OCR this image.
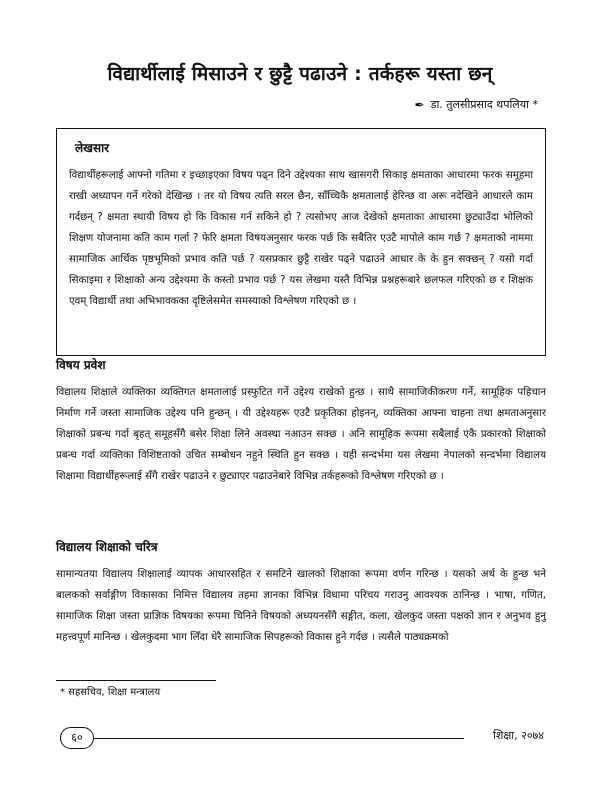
विद्यार्थीलाई मिसाउने र छुट्टै पढाउने : तर्कहरू यस्ता छन्
✒ डा. तुलसीप्रसाद थपलिया *
लेखसार
विद्यार्थीहरूलाई आफ्नो गतिमा र इच्छाइएका विषय पढ्न दिने उद्देश्यका साथ खासगरी सिकाइ क्षमताका आधारमा फरक समूहमा राखी अध्यापन गर्ने गरेको देखिन्छ । तर यो विषय त्यति सरल छैन, साँच्चिकै क्षमतालाई हेरिन्छ वा अरू नदेखिने आधारले काम गर्दछन् ? क्षमता स्थायी विषय हो कि विकास गर्न सकिने हो ? त्यसोभए आज देखेको क्षमताका आधारमा छुट्याउँदा भोलिको शिक्षण योजनामा कति काम गर्ला ? फेरि क्षमता विषयअनुसार फरक पर्छ कि सबैतिर एउटै मापोले काम गर्छ ? क्षमताको नाममा सामाजिक आर्थिक पृष्ठभूमिको प्रभाव कति पर्छ ? यसप्रकार छुट्टै राखेर पढ्ने पढाउने आधार के के हुन सक्छन् ? यसो गर्दा सिकाइमा र शिक्षाको अन्य उद्देश्यमा के कस्तो प्रभाव पर्छ ? यस लेखमा यस्तै विभिन्न प्रश्नहरूबारे छलफल गरिएको छ र शिक्षक एवम् विद्यार्थी तथा अभिभावकका दृष्टिलेसमेत समस्याको विश्लेषण गरिएको छ ।
विषय प्रवेश
विद्यालय शिक्षाले व्यक्तिका व्यक्तिगत क्षमतालाई प्रस्फुटित गर्ने उद्देश्य राखेको हुन्छ । साथै सामाजिकीकरण गर्ने, सामूहिक पहिचान निर्माण गर्ने जस्ता सामाजिक उद्देश्य पनि हुन्छन् । यी उद्देश्यहरू एउटै प्रकृतिका होइनन्, व्यक्तिका आफ्ना चाहना तथा क्षमताअनुसार शिक्षाको प्रबन्ध गर्दा बृहत् समूहसँगै बसेर शिक्षा लिने अवस्था नआउन सक्छ । अनि सामूहिक रूपमा सबैलाई एकै प्रकारको शिक्षाको प्रबन्ध गर्दा व्यक्तिका विशिष्टताको उचित सम्बोधन नहुने स्थिति हुन सक्छ । यही सन्दर्भमा यस लेखमा नेपालको सन्दर्भमा विद्यालय शिक्षामा विद्यार्थीहरूलाई सँगै राखेर पढाउने र छुट्याएर पढाउनेबारे विभिन्न तर्कहरूको विश्लेषण गरिएको छ ।
विद्यालय शिक्षाको चरित्र
सामान्यतया विद्यालय शिक्षालाई व्यापक आधारसहित र समटिने खालको शिक्षाका रूपमा वर्णन गरिन्छ । यसको अर्थ के हुन्छ भने बालकको सर्वाङ्गीण विकासका निमित्त विद्यालय तहमा ज्ञानका विभिन्न विधामा परिचय गराउनु आवश्यक ठानिन्छ । भाषा, गणित, सामाजिक शिक्षा जस्ता प्राज्ञिक विषयका रूपमा चिनिने विषयको अध्ययनसँगै सङ्गीत, कला, खेलकुद जस्ता पक्षको ज्ञान र अनुभव हुनु महत्त्वपूर्ण मानिन्छ । खेलकुदमा भाग लिँदा धेरै सामाजिक सिपहरूको विकास हुने गर्दछ । त्यसैले पाठ्यक्रमको
* सहसचिव, शिक्षा मन्त्रालय
६०	शिक्षा, २०७४
